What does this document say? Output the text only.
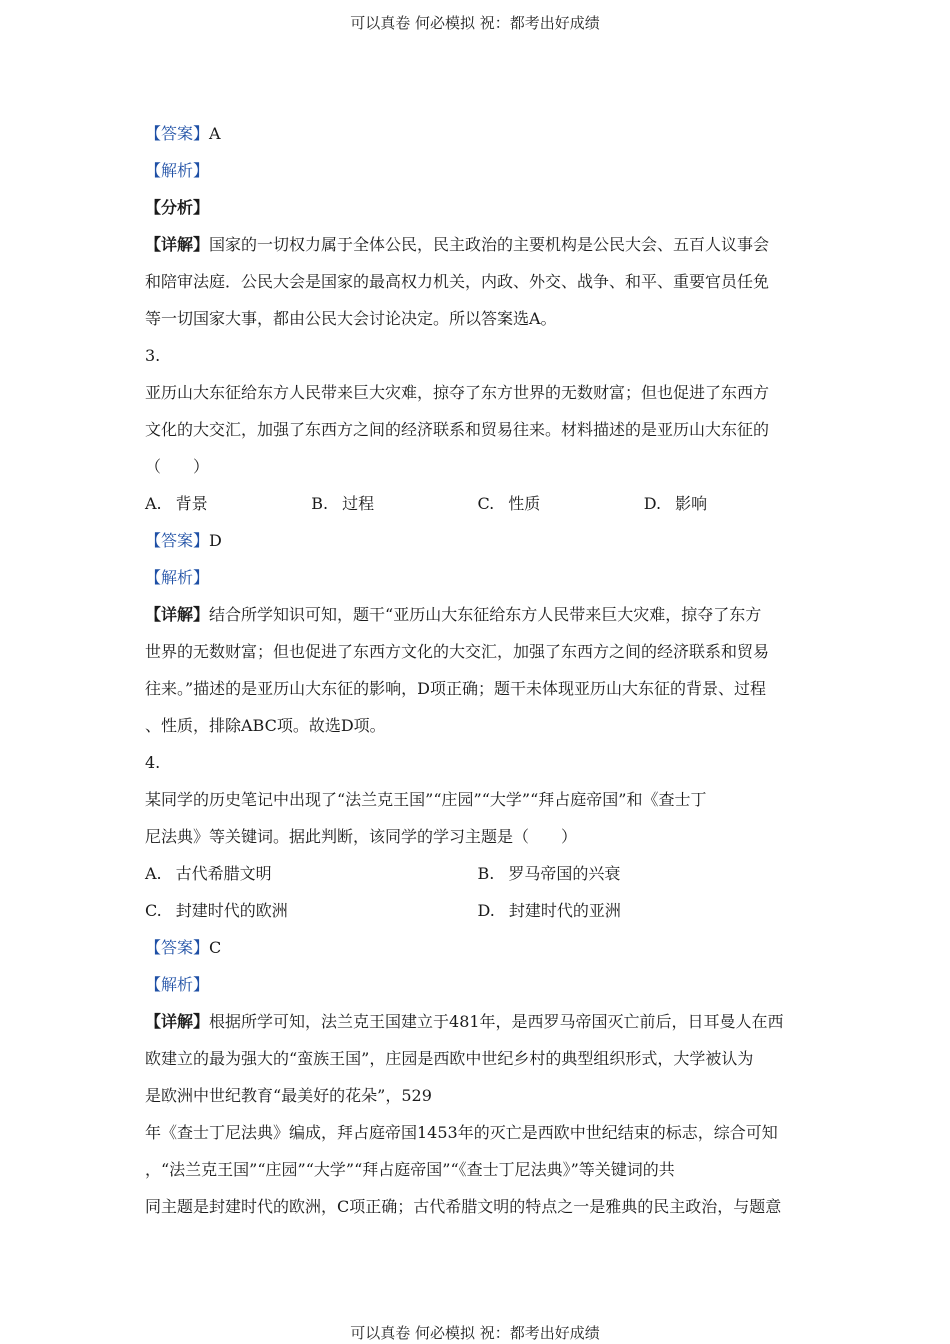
可以真卷 何必模拟 祝：都考出好成绩
【答案】A
【解析】
【分析】
【详解】国家的一切权力属于全体公民，民主政治的主要机构是公民大会、五百人议事会
和陪审法庭．公民大会是国家的最高权力机关，内政、外交、战争、和平、重要官员任免
等一切国家大事，都由公民大会讨论决定。所以答案选A。
3.
亚历山大东征给东方人民带来巨大灾难，掠夺了东方世界的无数财富；但也促进了东西方
文化的大交汇，加强了东西方之间的经济联系和贸易往来。材料描述的是亚历山大东征的
（　　）
A. 背景	B. 过程	C. 性质	D. 影响
【答案】D
【解析】
【详解】结合所学知识可知，题干“亚历山大东征给东方人民带来巨大灾难，掠夺了东方
世界的无数财富；但也促进了东西方文化的大交汇，加强了东西方之间的经济联系和贸易
往来。”描述的是亚历山大东征的影响，D项正确；题干未体现亚历山大东征的背景、过程
、性质，排除ABC项。故选D项。
4.
某同学的历史笔记中出现了“法兰克王国”“庄园”“大学”“拜占庭帝国”和《查士丁
尼法典》等关键词。据此判断，该同学的学习主题是（　　）
A. 古代希腊文明	B. 罗马帝国的兴衰
C. 封建时代的欧洲	D. 封建时代的亚洲
【答案】C
【解析】
【详解】根据所学可知，法兰克王国建立于481年，是西罗马帝国灭亡前后，日耳曼人在西
欧建立的最为强大的“蛮族王国”，庄园是西欧中世纪乡村的典型组织形式，大学被认为
是欧洲中世纪教育“最美好的花朵”，529
年《查士丁尼法典》编成，拜占庭帝国1453年的灭亡是西欧中世纪结束的标志，综合可知
，“法兰克王国”“庄园”“大学”“拜占庭帝国”“《查士丁尼法典》”等关键词的共
同主题是封建时代的欧洲，C项正确；古代希腊文明的特点之一是雅典的民主政治，与题意
可以真卷 何必模拟 祝：都考出好成绩
